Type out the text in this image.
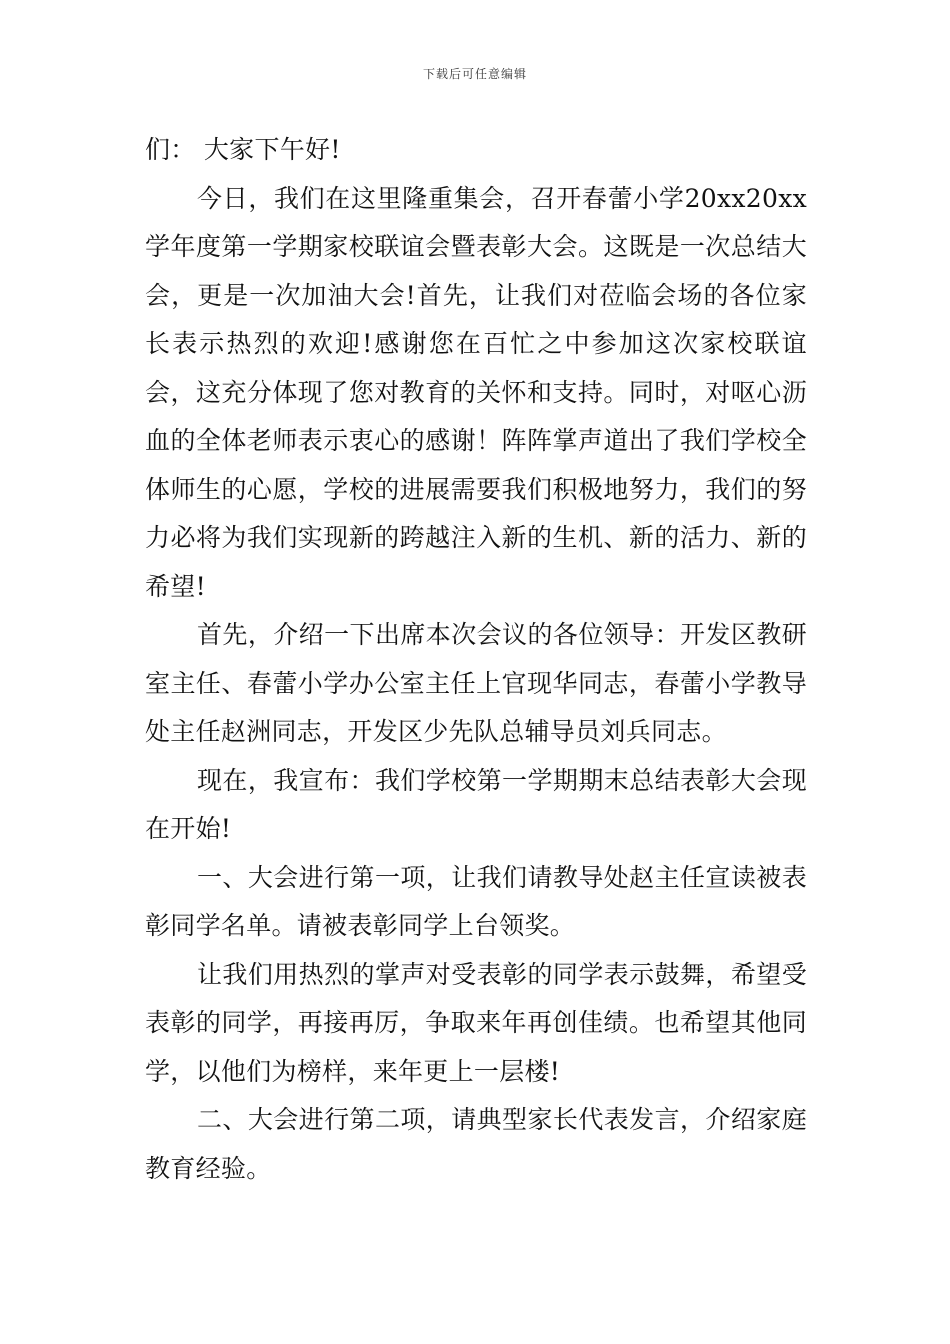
下载后可任意编辑

们： 大家下午好!

今日，我们在这里隆重集会，召开春蕾小学20xx20xx学年度第一学期家校联谊会暨表彰大会。这既是一次总结大会，更是一次加油大会!首先，让我们对莅临会场的各位家长表示热烈的欢迎!感谢您在百忙之中参加这次家校联谊会，这充分体现了您对教育的关怀和支持。同时，对呕心沥血的全体老师表示衷心的感谢！阵阵掌声道出了我们学校全体师生的心愿，学校的进展需要我们积极地努力，我们的努力必将为我们实现新的跨越注入新的生机、新的活力、新的希望!

首先，介绍一下出席本次会议的各位领导：开发区教研室主任、春蕾小学办公室主任上官现华同志，春蕾小学教导处主任赵洲同志，开发区少先队总辅导员刘兵同志。

现在，我宣布：我们学校第一学期期末总结表彰大会现在开始!

一、大会进行第一项，让我们请教导处赵主任宣读被表彰同学名单。请被表彰同学上台领奖。

让我们用热烈的掌声对受表彰的同学表示鼓舞，希望受表彰的同学，再接再厉，争取来年再创佳绩。也希望其他同学，以他们为榜样，来年更上一层楼!

二、大会进行第二项，请典型家长代表发言，介绍家庭教育经验。
